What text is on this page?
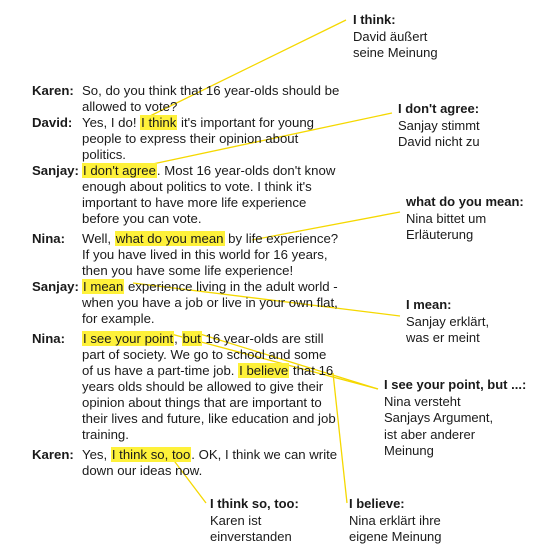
Karen: So, do you think that 16 year-olds should be
allowed to vote?
David: Yes, I do! I think it's important for young
people to express their opinion about
politics.
Sanjay: I don't agree. Most 16 year-olds don't know
enough about politics to vote. I think it's
important to have more life experience
before you can vote.
Nina: Well, what do you mean by life experience?
If you have lived in this world for 16 years,
then you have some life experience!
Sanjay: I mean experience living in the adult world -
when you have a job or live in your own flat,
for example.
Nina: I see your point, but 16 year-olds are still
part of society. We go to school and some
of us have a part-time job. I believe that 16
years olds should be allowed to give their
opinion about things that are important to
their lives and future, like education and job
training.
Karen: Yes, I think so, too. OK, I think we can write
down our ideas now.
I think:
David äußert
seine Meinung
I don't agree:
Sanjay stimmt
David nicht zu
what do you mean:
Nina bittet um
Erläuterung
I mean:
Sanjay erklärt,
was er meint
I see your point, but ...:
Nina versteht
Sanjays Argument,
ist aber anderer
Meinung
I believe:
Nina erklärt ihre
eigene Meinung
I think so, too:
Karen ist
einverstanden
